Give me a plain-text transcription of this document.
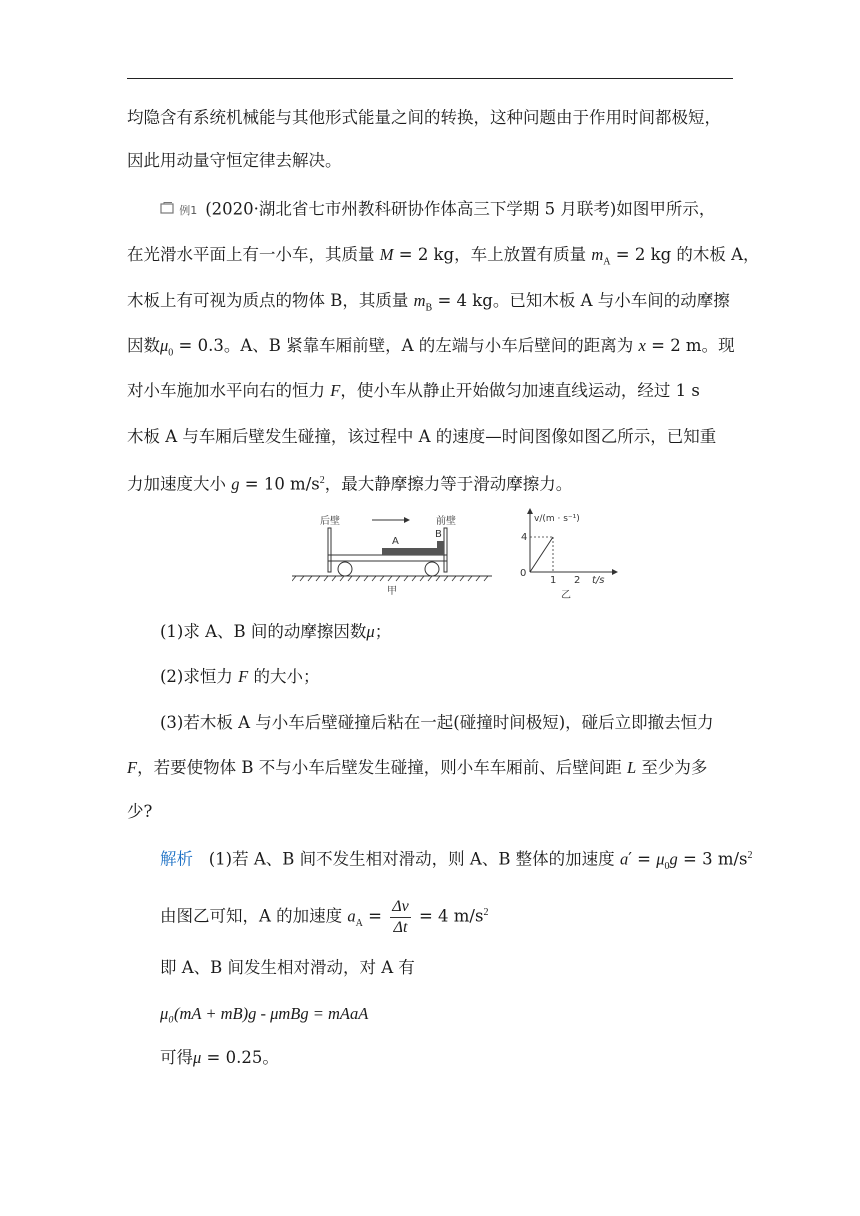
均隐含有系统机械能与其他形式能量之间的转换，这种问题由于作用时间都极短，
因此用动量守恒定律去解决。
例1 (2020·湖北省七市州教科研协作体高三下学期 5 月联考)如图甲所示，
在光滑水平面上有一小车，其质量 M = 2 kg，车上放置有质量 $m_A = 2$ kg 的木板 A，
木板上有可视为质点的物体 B，其质量 $m_B = 4$ kg。已知木板 A 与小车间的动摩擦
因数$\mu_0 = 0.3$。A、B 紧靠车厢前壁，A 的左端与小车后壁间的距离为 x = 2 m。现
对小车施加水平向右的恒力 F，使小车从静止开始做匀加速直线运动，经过 1 s
木板 A 与车厢后壁发生碰撞，该过程中 A 的速度—时间图像如图乙所示，已知重
力加速度大小 g = 10 $m/s^2$，最大静摩擦力等于滑动摩擦力。
后壁	前壁
A
B
甲
v/(m · s⁻¹)
4
0
1 2 t/s
乙
(1)求 A、B 间的动摩擦因数μ；
(2)求恒力 F 的大小；
(3)若木板 A 与小车后壁碰撞后粘在一起(碰撞时间极短)，碰后立即撤去恒力
F，若要使物体 B 不与小车后壁发生碰撞，则小车车厢前、后壁间距 L 至少为多
少?
解析 (1)若 A、B 间不发生相对滑动，则 A、B 整体的加速度 $a' = \mu_0g = 3$ $m/s^2$
由图乙可知，A 的加速度 $a_A = \frac{\Delta v}{\Delta t} = 4$ $m/s^2$
即 A、B 间发生相对滑动，对 A 有
μ₀(mA + mB)g - μmBg = mAaA
可得μ = 0.25。
